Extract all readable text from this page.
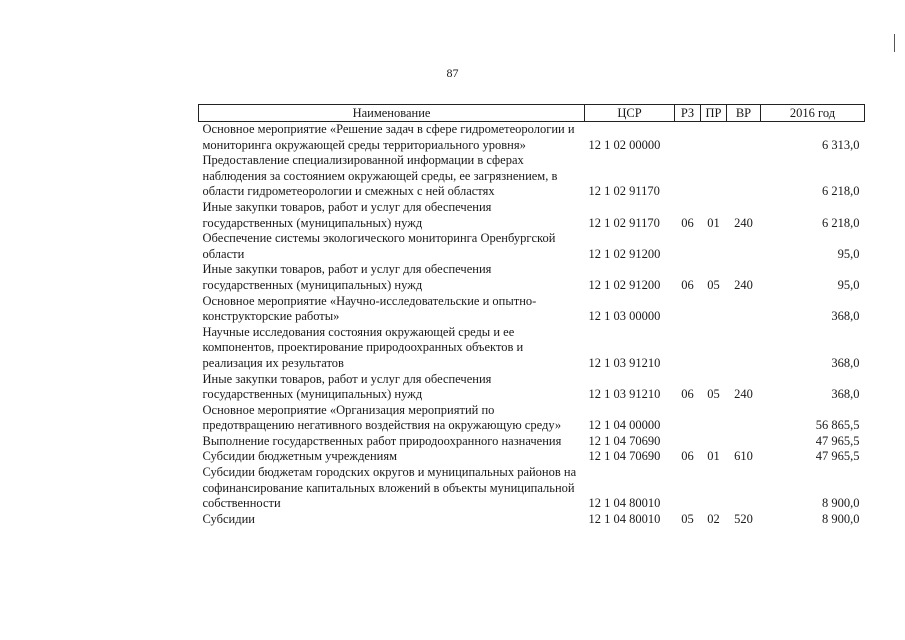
87
Наименование	ЦСР	РЗ	ПР	ВР	2016 год
Основное мероприятие «Решение задач в сфере гидрометеорологии и мониторинга окружающей среды территориального уровня»	12 1 02 00000				6 313,0
Предоставление специализированной информации в сферах наблюдения за состоянием окружающей среды, ее загрязнением, в области гидрометеорологии и смежных с ней областях	12 1 02 91170				6 218,0
Иные закупки товаров, работ и услуг для обеспечения государственных (муниципальных) нужд	12 1 02 91170	06	01	240	6 218,0
Обеспечение системы экологического мониторинга Оренбургской области	12 1 02 91200				95,0
Иные закупки товаров, работ и услуг для обеспечения государственных (муниципальных) нужд	12 1 02 91200	06	05	240	95,0
Основное мероприятие «Научно-исследовательские и опытно-конструкторские работы»	12 1 03 00000				368,0
Научные исследования состояния окружающей среды и ее компонентов, проектирование природоохранных объектов и реализация их результатов	12 1 03 91210				368,0
Иные закупки товаров, работ и услуг для обеспечения государственных (муниципальных) нужд	12 1 03 91210	06	05	240	368,0
Основное мероприятие «Организация мероприятий по предотвращению негативного воздействия на окружающую среду»	12 1 04 00000				56 865,5
Выполнение государственных работ природоохранного назначения	12 1 04 70690				47 965,5
Субсидии бюджетным учреждениям	12 1 04 70690	06	01	610	47 965,5
Субсидии бюджетам городских округов и муниципальных районов на софинансирование капитальных вложений в объекты муниципальной собственности	12 1 04 80010				8 900,0
Субсидии	12 1 04 80010	05	02	520	8 900,0
